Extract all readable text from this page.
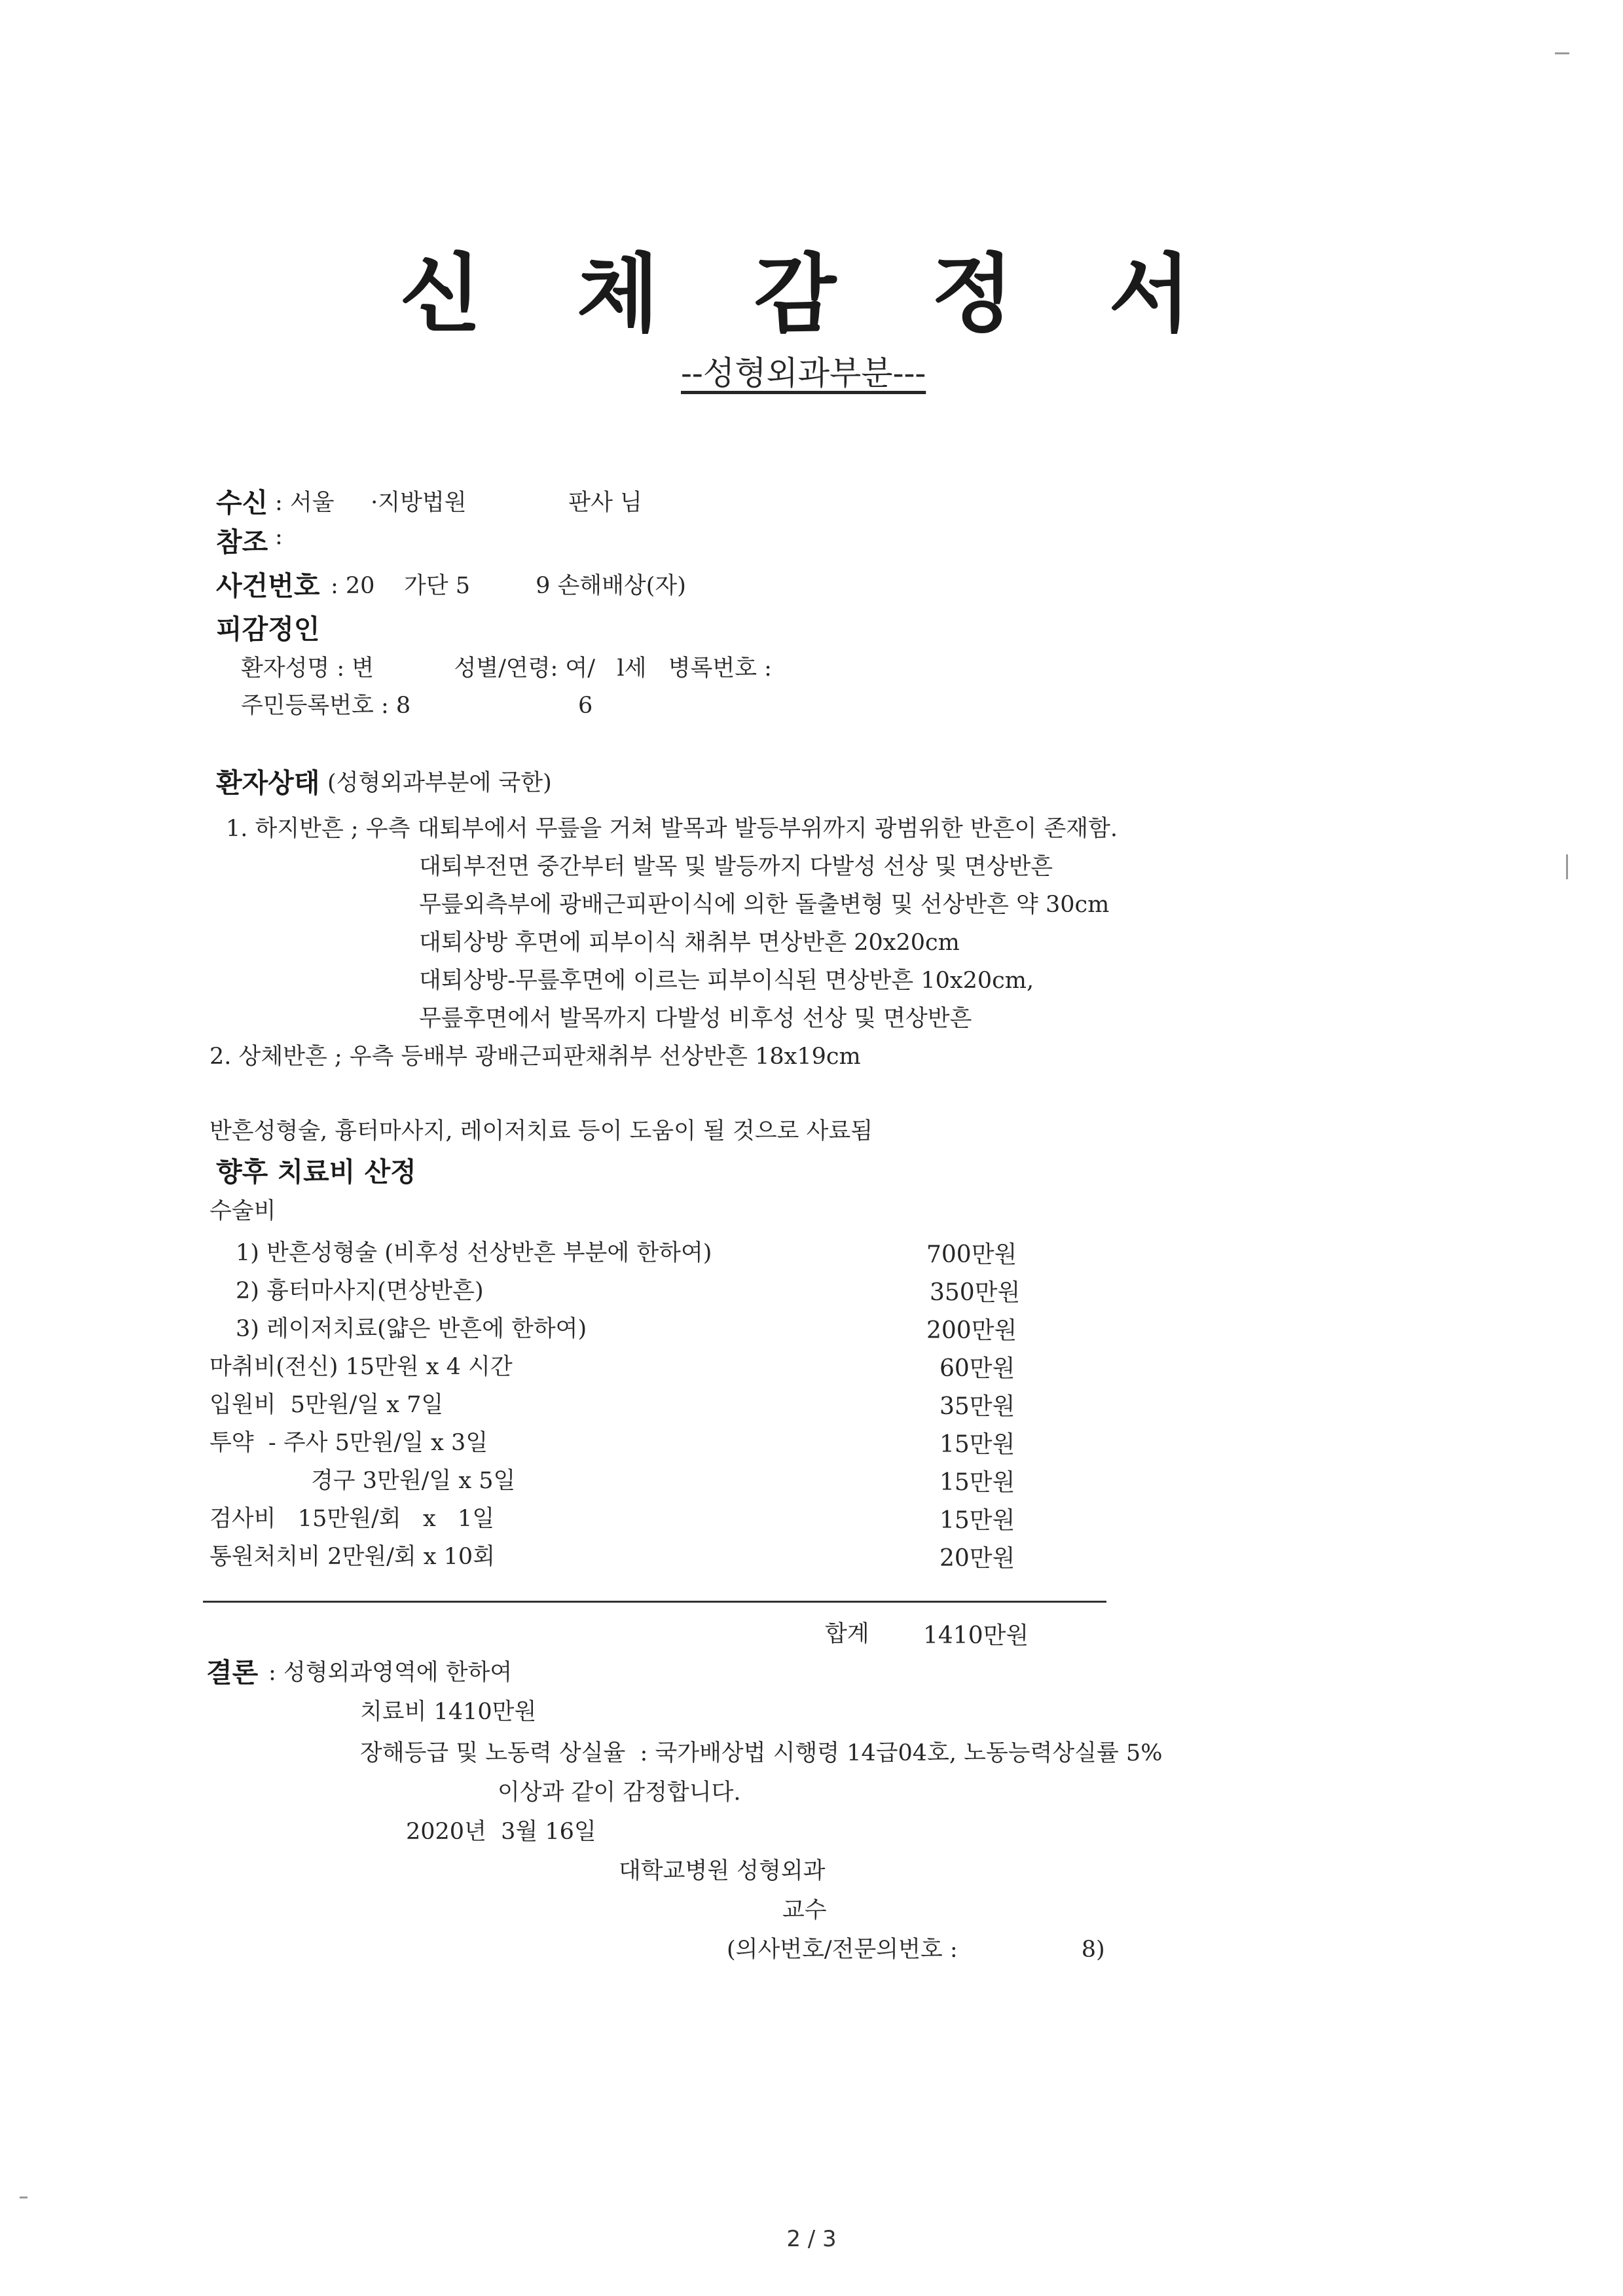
신 체 감 정 서
--성형외과부분---
수신 : 서울     ·지방법원              판사 님
참조 :
사건번호 : 20    가단 5         9 손해배상(자)
피감정인
환자성명 : 변           성별/연령: 여/   l세   병록번호 :
주민등록번호 : 8                       6
환자상태 (성형외과부분에 국한)
1. 하지반흔 ; 우측 대퇴부에서 무릎을 거쳐 발목과 발등부위까지 광범위한 반흔이 존재함.
대퇴부전면 중간부터 발목 및 발등까지 다발성 선상 및 면상반흔
무릎외측부에 광배근피판이식에 의한 돌출변형 및 선상반흔 약 30cm
대퇴상방 후면에 피부이식 채취부 면상반흔 20x20cm
대퇴상방-무릎후면에 이르는 피부이식된 면상반흔 10x20cm,
무릎후면에서 발목까지 다발성 비후성 선상 및 면상반흔
2. 상체반흔 ; 우측 등배부 광배근피판채취부 선상반흔 18x19cm
반흔성형술, 흉터마사지, 레이저치료 등이 도움이 될 것으로 사료됨
향후 치료비 산정
수술비
1) 반흔성형술 (비후성 선상반흔 부분에 한하여)	700만원
2) 흉터마사지(면상반흔)	350만원
3) 레이저치료(얇은 반흔에 한하여)	200만원
마취비(전신) 15만원 x 4 시간	60만원
입원비  5만원/일 x 7일	35만원
투약  - 주사 5만원/일 x 3일	15만원
경구 3만원/일 x 5일	15만원
검사비   15만원/회   x   1일	15만원
통원처치비 2만원/회 x 10회	20만원
합계 1410만원
결론 : 성형외과영역에 한하여
치료비 1410만원
장해등급 및 노동력 상실율  : 국가배상법 시행령 14급04호, 노동능력상실률 5%
이상과 같이 감정합니다.
2020년  3월 16일
대학교병원 성형외과
교수
(의사번호/전문의번호 :                 8)
2 / 3
